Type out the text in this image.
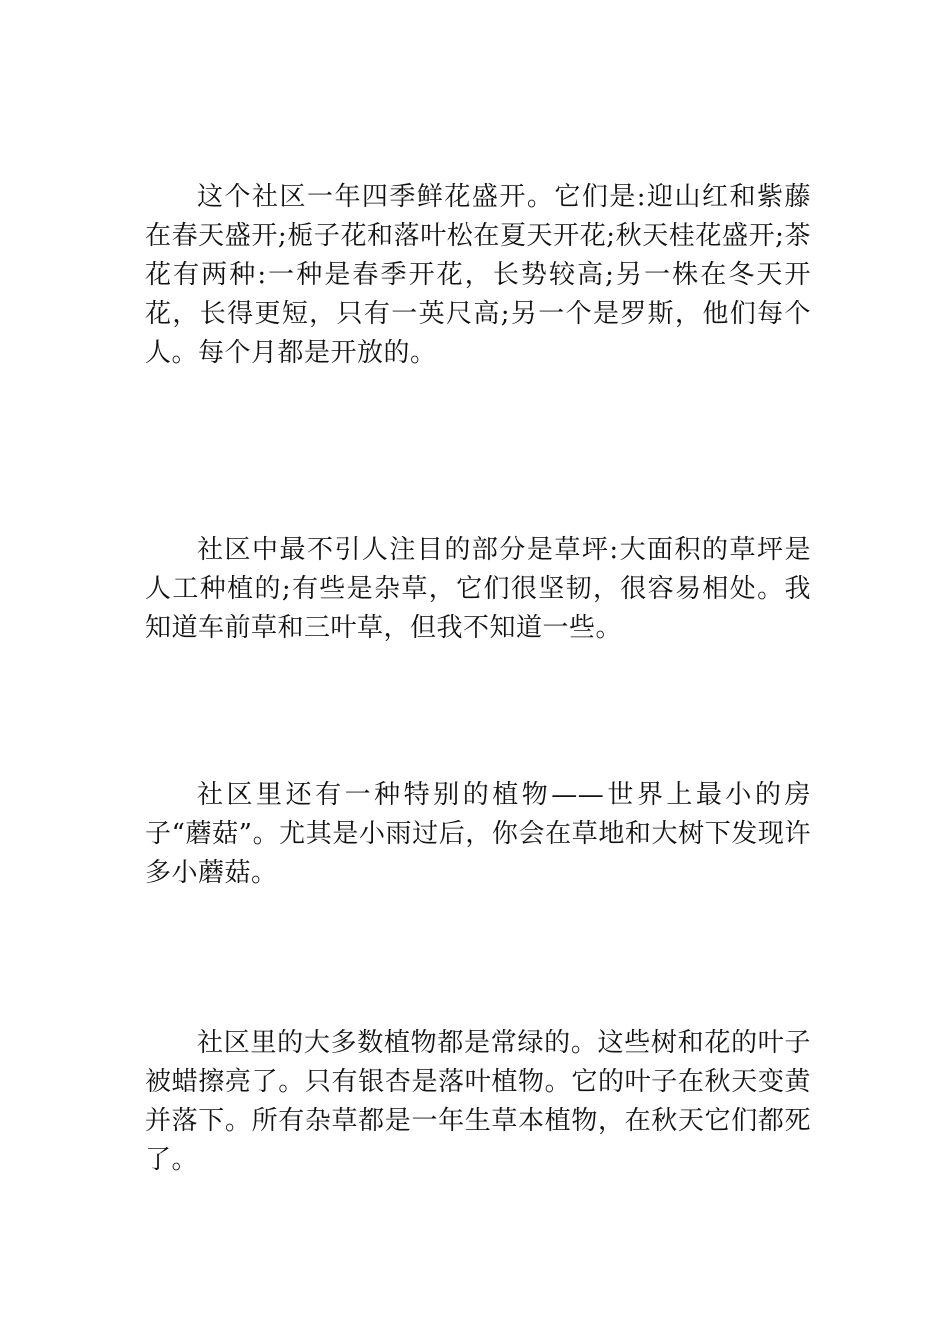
这个社区一年四季鲜花盛开。它们是:迎山红和紫藤在春天盛开;栀子花和落叶松在夏天开花;秋天桂花盛开;茶花有两种:一种是春季开花，长势较高;另一株在冬天开花，长得更短，只有一英尺高;另一个是罗斯，他们每个人。每个月都是开放的。

社区中最不引人注目的部分是草坪:大面积的草坪是人工种植的;有些是杂草，它们很坚韧，很容易相处。我知道车前草和三叶草，但我不知道一些。

社区里还有一种特别的植物——世界上最小的房子“蘑菇”。尤其是小雨过后，你会在草地和大树下发现许多小蘑菇。

社区里的大多数植物都是常绿的。这些树和花的叶子被蜡擦亮了。只有银杏是落叶植物。它的叶子在秋天变黄并落下。所有杂草都是一年生草本植物，在秋天它们都死了。
